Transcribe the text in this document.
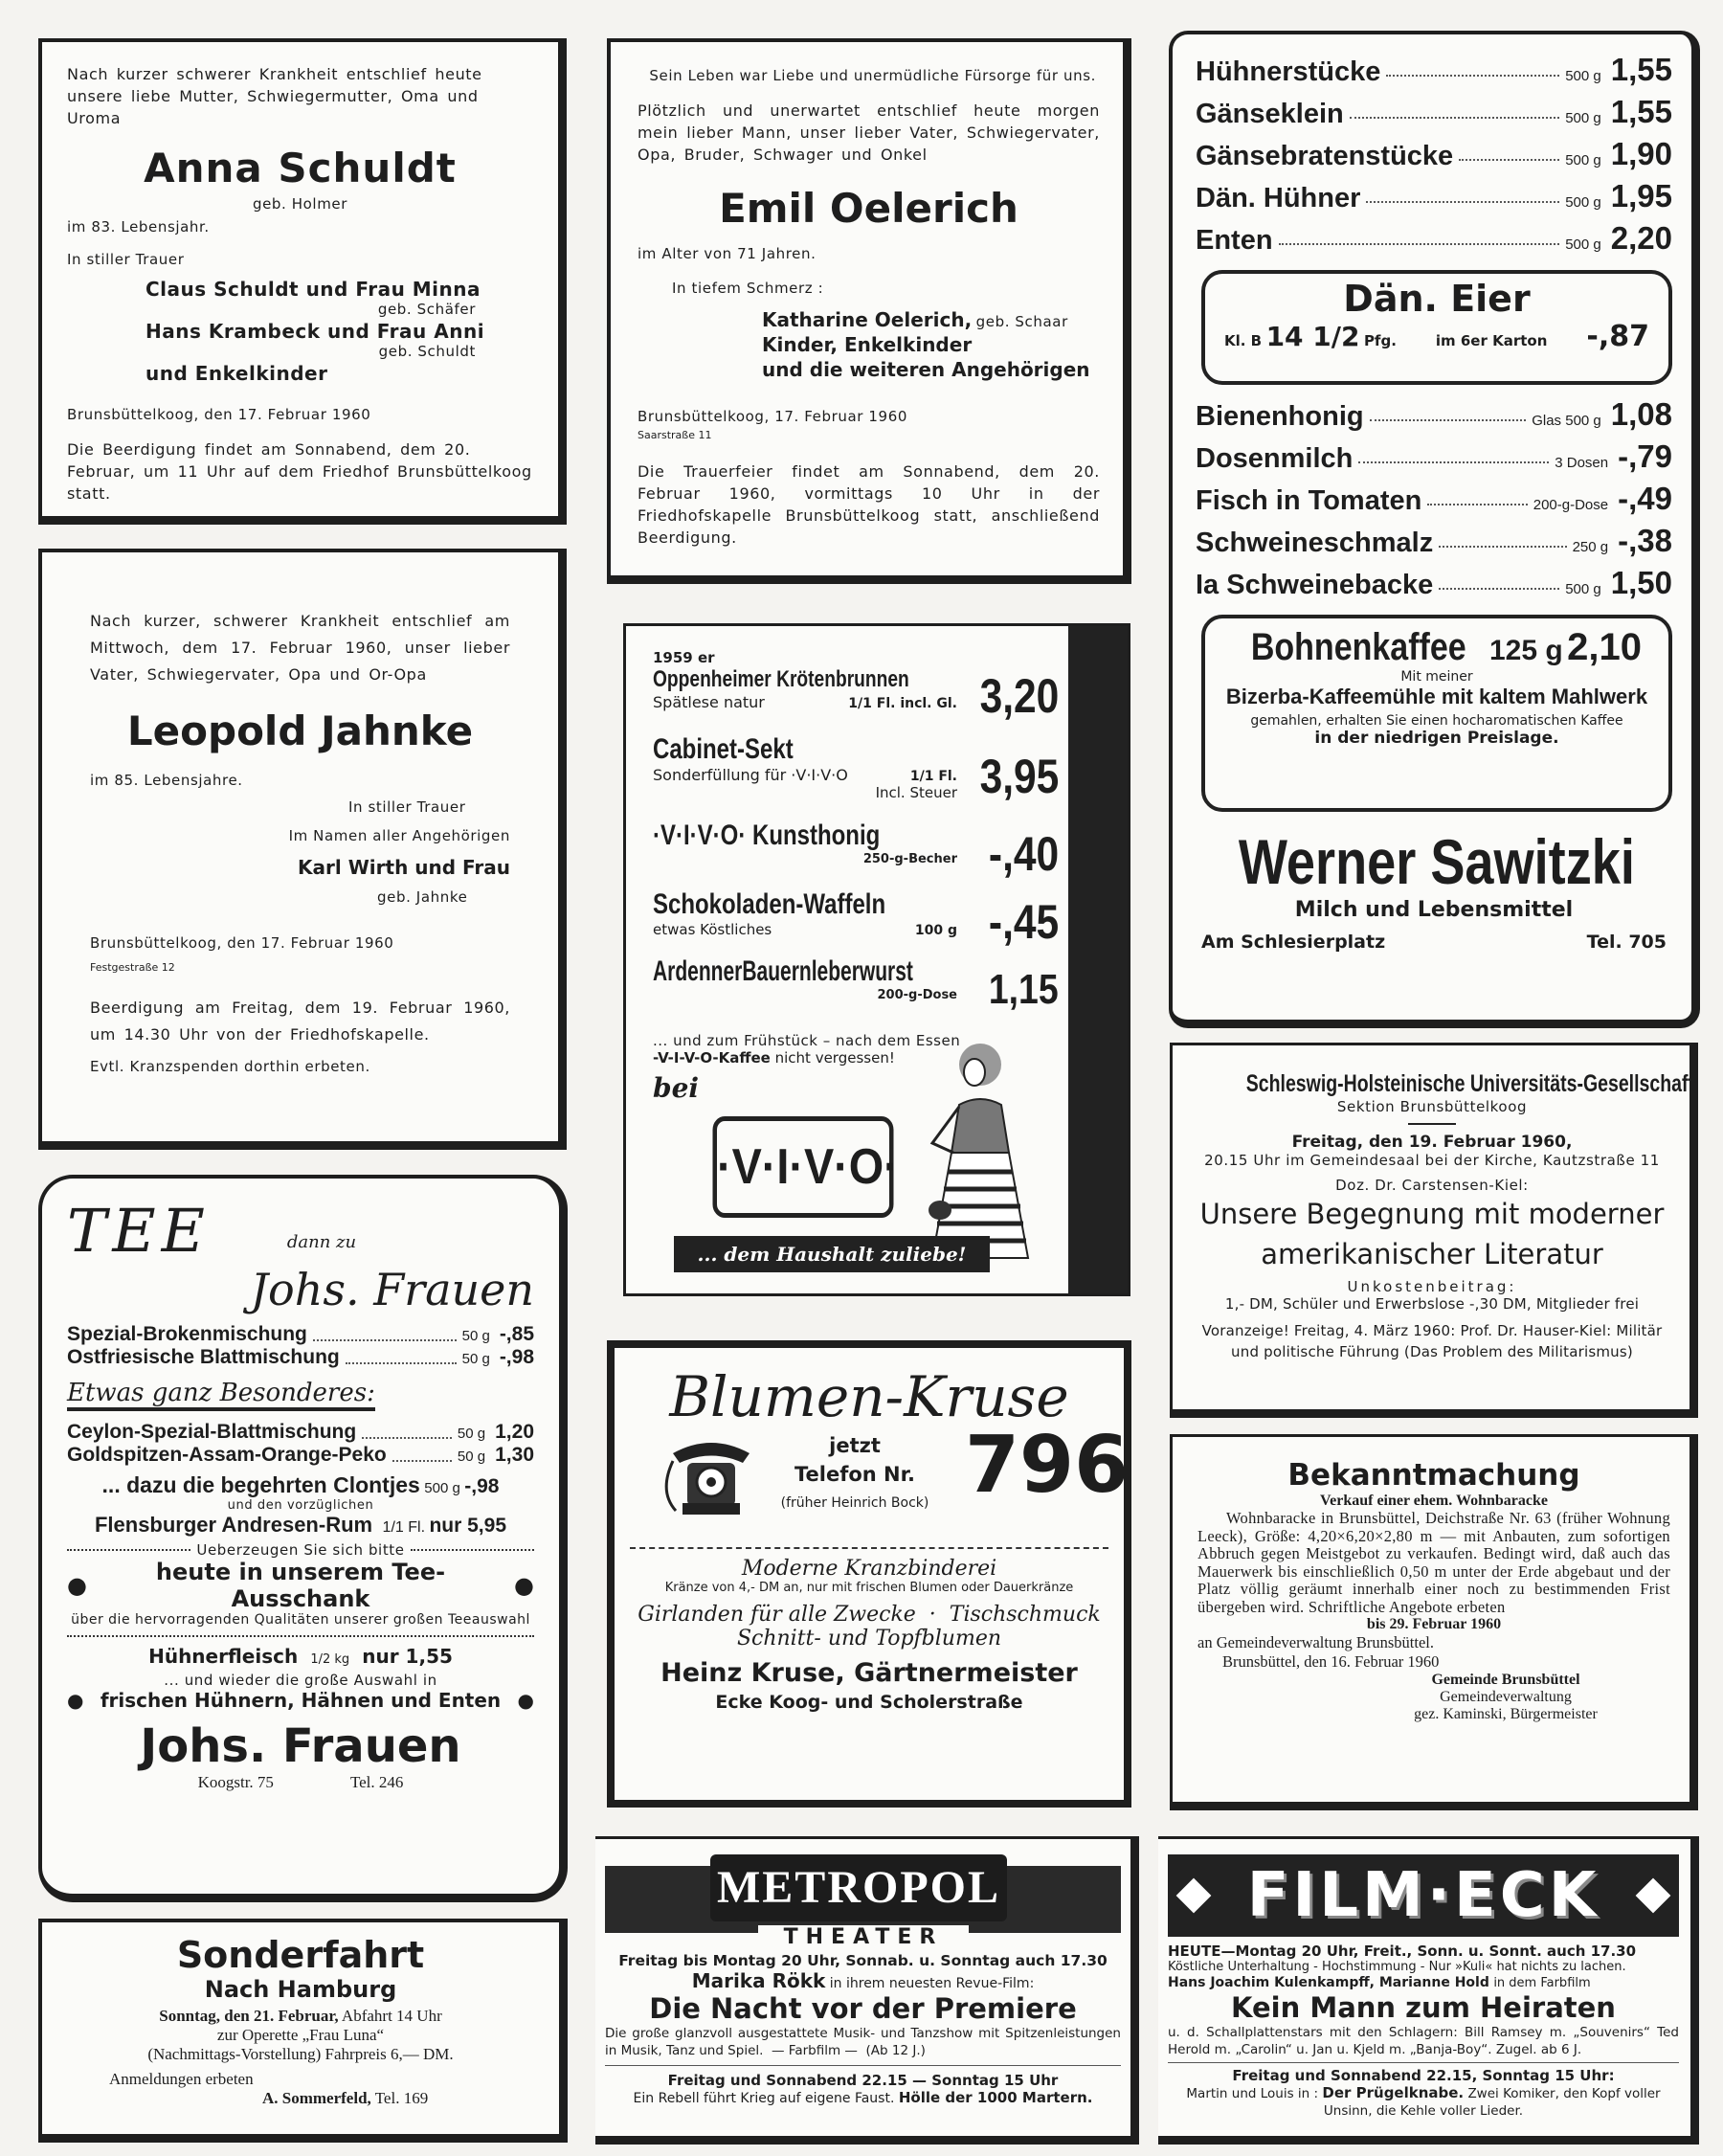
Nach kurzer schwerer Krankheit entschlief heute unsere liebe Mutter, Schwiegermutter, Oma und Uroma

Anna Schuldt
geb. Holmer
im 83. Lebensjahr.
In stiller Trauer
Claus Schuldt und Frau Minna
geb. Schäfer
Hans Krambeck und Frau Anni
geb. Schuldt
und Enkelkinder
Brunsbüttelkoog, den 17. Februar 1960

Die Beerdigung findet am Sonnabend, dem 20. Februar, um 11 Uhr auf dem Friedhof Brunsbüttelkoog statt.

Nach kurzer, schwerer Krankheit entschlief am Mittwoch, dem 17. Februar 1960, unser lieber Vater, Schwiegervater, Opa und Or-Opa

Leopold Jahnke
im 85. Lebensjahre.
In stiller Trauer
Im Namen aller Angehörigen
Karl Wirth und Frau
geb. Jahnke
Brunsbüttelkoog, den 17. Februar 1960
Festgestraße 12

Beerdigung am Freitag, dem 19. Februar 1960, um 14.30 Uhr von der Friedhofskapelle.

Evtl. Kranzspenden dorthin erbeten.
TEE	dann zu
Johs. Frauen
Spezial-Brokenmischung	50 g -,85
Ostfriesische Blattmischung	50 g -,98
Etwas ganz Besonderes:
Ceylon-Spezial-Blattmischung	50 g 1,20
Goldspitzen-Assam-Orange-Peko	50 g 1,30
... dazu die begehrten Clontjes 500 g -,98
und den vorzüglichen
Flensburger Andresen-Rum 1/1 Fl. nur 5,95
Ueberzeugen Sie sich bitte
●	heute in unserem Tee-Ausschank	●
über die hervorragenden Qualitäten unserer großen Teeauswahl
Hühnerfleisch 1/2 kg nur 1,55
... und wieder die große Auswahl in
● frischen Hühnern, Hähnen und Enten ●
Johs. Frauen
Koogstr. 75	Tel. 246
Sonderfahrt
Nach Hamburg
Sonntag, den 21. Februar, Abfahrt 14 Uhr
zur Operette „Frau Luna“
(Nachmittags-Vorstellung) Fahrpreis 6,— DM.
Anmeldungen erbeten
A. Sommerfeld, Tel. 169
Sein Leben war Liebe und unermüdliche Fürsorge für uns.

Plötzlich und unerwartet entschlief heute morgen mein lieber Mann, unser lieber Vater, Schwiegervater, Opa, Bruder, Schwager und Onkel

Emil Oelerich
im Alter von 71 Jahren.
In tiefem Schmerz :
Katharine Oelerich, geb. Schaar
Kinder, Enkelkinder
und die weiteren Angehörigen
Brunsbüttelkoog, 17. Februar 1960
Saarstraße 11

Die Trauerfeier findet am Sonnabend, dem 20. Februar 1960, vormittags 10 Uhr in der Friedhofskapelle Brunsbüttelkoog statt, anschließend Beerdigung.

1959 er
Oppenheimer Krötenbrunnen
Spätlese natur	1/1 Fl. incl. Gl. 3,20
Cabinet-Sekt
Sonderfüllung für ·V·I·V·O	1/1 Fl.
Incl. Steuer 3,95
·V·I·V·O· Kunsthonig
250-g-Becher -,40
Schokoladen-Waffeln
etwas Köstliches	100 g -,45
ArdennerBauernleberwurst
200-g-Dose 1,15
... und zum Frühstück – nach dem Essen
-V-I-V-O-Kaffee nicht vergessen!
bei
·V·I·V·O·
... dem Haushalt zuliebe!
Blumen-Kruse
jetzt
Telefon Nr.
(früher Heinrich Bock) 796
Moderne Kranzbinderei
Kränze von 4,- DM an, nur mit frischen Blumen oder Dauerkränze
Girlanden für alle Zwecke  ·  Tischschmuck
Schnitt- und Topfblumen
Heinz Kruse, Gärtnermeister
Ecke Koog- und Scholerstraße
METROPOL
THEATER
Freitag bis Montag 20 Uhr, Sonnab. u. Sonntag auch 17.30
Marika Rökk in ihrem neuesten Revue-Film:
Die Nacht vor der Premiere

Die große glanzvoll ausgestattete Musik- und Tanzshow mit Spitzenleistungen in Musik, Tanz und Spiel. — Farbfilm — (Ab 12 J.)

Freitag und Sonnabend 22.15 — Sonntag 15 Uhr
Ein Rebell führt Krieg auf eigene Faust. Hölle der 1000 Martern.
Hühnerstücke	500 g 1,55
Gänseklein	500 g 1,55
Gänsebratenstücke	500 g 1,90
Dän. Hühner	500 g 1,95
Enten	500 g 2,20
Dän. Eier
Kl. B 14 1/2 Pfg.	im 6er Karton -,87
Bienenhonig	Glas 500 g 1,08
Dosenmilch	3 Dosen -,79
Fisch in Tomaten	200-g-Dose -,49
Schweineschmalz	250 g -,38
Ia Schweinebacke	500 g 1,50
Bohnenkaffee 125 g 2,10
Mit meiner
Bizerba-Kaffeemühle mit kaltem Mahlwerk
gemahlen, erhalten Sie einen hocharomatischen Kaffee
in der niedrigen Preislage.
Werner Sawitzki
Milch und Lebensmittel
Am Schlesierplatz	Tel. 705
Schleswig-Holsteinische Universitäts-Gesellschaft
Sektion Brunsbüttelkoog
Freitag, den 19. Februar 1960,
20.15 Uhr im Gemeindesaal bei der Kirche, Kautzstraße 11
Doz. Dr. Carstensen-Kiel:
Unsere Begegnung mit moderner amerikanischer Literatur
Unkostenbeitrag:
1,- DM, Schüler und Erwerbslose -,30 DM, Mitglieder frei

Voranzeige! Freitag, 4. März 1960: Prof. Dr. Hauser-Kiel: Militär und politische Führung (Das Problem des Militarismus)

Bekanntmachung
Verkauf einer ehem. Wohnbaracke

Wohnbaracke in Brunsbüttel, Deichstraße Nr. 63 (früher Wohnung Leeck), Größe: 4,20×6,20×2,80 m — mit Anbauten, zum sofortigen Abbruch gegen Meistgebot zu verkaufen. Bedingt wird, daß auch das Mauerwerk bis einschließlich 0,50 m unter der Erde abgebaut und der Platz völlig geräumt innerhalb einer noch zu bestimmenden Frist übergeben wird. Schriftliche Angebote erbeten

bis 29. Februar 1960
an Gemeindeverwaltung Brunsbüttel.
Brunsbüttel, den 16. Februar 1960
Gemeinde Brunsbüttel
Gemeindeverwaltung
gez. Kaminski, Bürgermeister
FILM·ECK
HEUTE—Montag 20 Uhr, Freit., Sonn. u. Sonnt. auch 17.30
Köstliche Unterhaltung - Hochstimmung - Nur »Kuli« hat nichts zu lachen.
Hans Joachim Kulenkampff, Marianne Hold in dem Farbfilm
Kein Mann zum Heiraten

u. d. Schallplattenstars mit den Schlagern: Bill Ramsey m. „Souvenirs“ Ted Herold m. „Carolin“ u. Jan u. Kjeld m. „Banja-Boy“. Zugel. ab 6 J.

Freitag und Sonnabend 22.15, Sonntag 15 Uhr:

Martin und Louis in : Der Prügelknabe. Zwei Komiker, den Kopf voller Unsinn, die Kehle voller Lieder.
